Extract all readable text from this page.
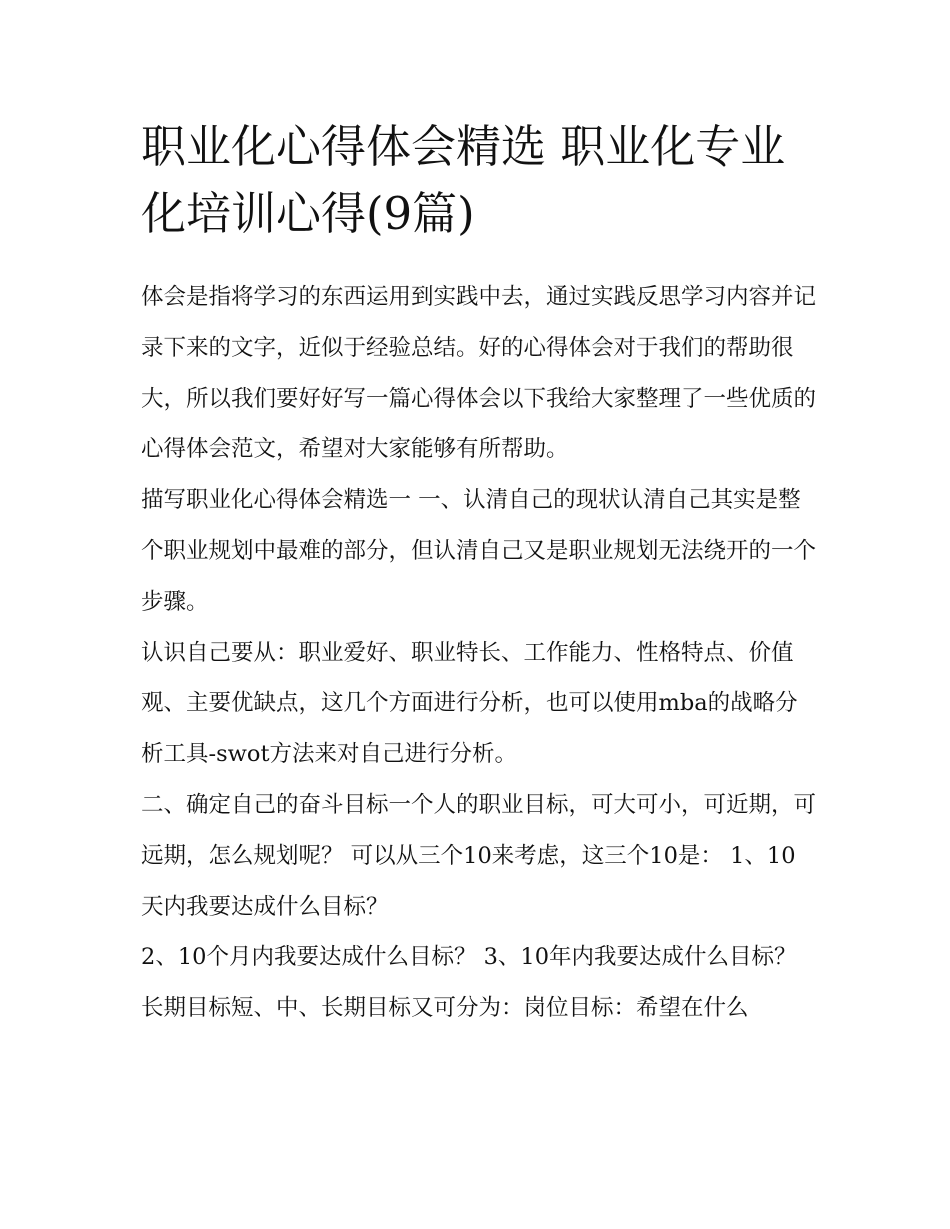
职业化心得体会精选 职业化专业化培训心得(9篇)

体会是指将学习的东西运用到实践中去，通过实践反思学习内容并记录下来的文字，近似于经验总结。好的心得体会对于我们的帮助很大，所以我们要好好写一篇心得体会以下我给大家整理了一些优质的心得体会范文，希望对大家能够有所帮助。

描写职业化心得体会精选一 一、认清自己的现状认清自己其实是整个职业规划中最难的部分，但认清自己又是职业规划无法绕开的一个步骤。

认识自己要从：职业爱好、职业特长、工作能力、性格特点、价值观、主要优缺点，这几个方面进行分析，也可以使用mba的战略分析工具-swot方法来对自己进行分析。

二、确定自己的奋斗目标一个人的职业目标，可大可小，可近期，可远期，怎么规划呢？ 可以从三个10来考虑，这三个10是： 1、10天内我要达成什么目标？

2、10个月内我要达成什么目标？ 3、10年内我要达成什么目标？

长期目标短、中、长期目标又可分为：岗位目标：希望在什么
